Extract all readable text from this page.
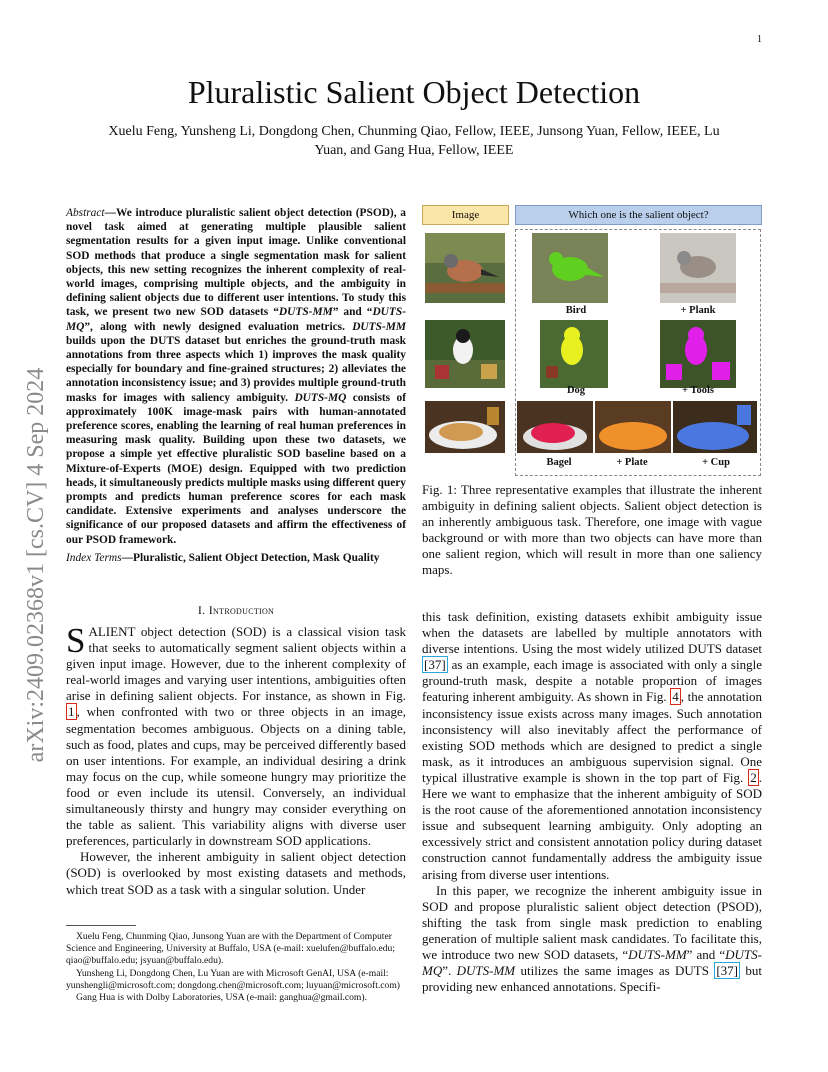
1
arXiv:2409.02368v1 [cs.CV] 4 Sep 2024
Pluralistic Salient Object Detection
Xuelu Feng, Yunsheng Li, Dongdong Chen, Chunming Qiao, Fellow, IEEE, Junsong Yuan, Fellow, IEEE, Lu
Yuan, and Gang Hua, Fellow, IEEE
Abstract—We introduce pluralistic salient object detection (PSOD), a novel task aimed at generating multiple plausible salient segmentation results for a given input image. Unlike conventional SOD methods that produce a single segmentation mask for salient objects, this new setting recognizes the inherent complexity of real-world images, comprising multiple objects, and the ambiguity in defining salient objects due to different user intentions. To study this task, we present two new SOD datasets “DUTS-MM” and “DUTS-MQ”, along with newly designed evaluation metrics. DUTS-MM builds upon the DUTS dataset but enriches the ground-truth mask annotations from three aspects which 1) improves the mask quality especially for boundary and fine-grained structures; 2) alleviates the annotation inconsistency issue; and 3) provides multiple ground-truth masks for images with saliency ambiguity. DUTS-MQ consists of approximately 100K image-mask pairs with human-annotated preference scores, enabling the learning of real human preferences in measuring mask quality. Building upon these two datasets, we propose a simple yet effective pluralistic SOD baseline based on a Mixture-of-Experts (MOE) design. Equipped with two prediction heads, it simultaneously predicts multiple masks using different query prompts and predicts human preference scores for each mask candidate. Extensive experiments and analyses underscore the significance of our proposed datasets and affirm the effectiveness of our PSOD framework.
Index Terms—Pluralistic, Salient Object Detection, Mask Quality
I. Introduction

SALIENT object detection (SOD) is a classical vision task that seeks to automatically segment salient objects within a given input image. However, due to the inherent complexity of real-world images and varying user intentions, ambiguities often arise in defining salient objects. For instance, as shown in Fig. 1 , when confronted with two or three objects in an image, segmentation becomes ambiguous. Objects on a dining table, such as food, plates and cups, may be perceived differently based on user intentions. For example, an individual desiring a drink may focus on the cup, while someone hungry may prioritize the food or even include its utensil. Conversely, an individual simultaneously thirsty and hungry may consider everything on the table as salient. This variability aligns with diverse user preferences, particularly in downstream SOD applications.

However, the inherent ambiguity in salient object detection (SOD) is overlooked by most existing datasets and methods, which treat SOD as a task with a singular solution. Under

Xuelu Feng, Chunming Qiao, Junsong Yuan are with the Department of Computer Science and Engineering, University at Buffalo, USA (e-mail: xuelufen@buffalo.edu; qiao@buffalo.edu; jsyuan@buffalo.edu).

Yunsheng Li, Dongdong Chen, Lu Yuan are with Microsoft GenAI, USA (e-mail: yunshengli@microsoft.com; dongdong.chen@microsoft.com; luyuan@microsoft.com)

Gang Hua is with Dolby Laboratories, USA (e-mail: ganghua@gmail.com).

Image	Which one is the salient object?
Bird	+ Plank
Dog	+ Tools
Bagel	+ Plate	+ Cup
Fig. 1: Three representative examples that illustrate the inherent ambiguity in defining salient objects. Salient object detection is an inherently ambiguous task. Therefore, one image with vague background or with more than two objects can have more than one salient region, which will result in more than one saliency maps.

this task definition, existing datasets exhibit ambiguity issue when the datasets are labelled by multiple annotators with diverse intentions. Using the most widely utilized DUTS dataset [37] as an example, each image is associated with only a single ground-truth mask, despite a notable proportion of images featuring inherent ambiguity. As shown in Fig. 4 , the annotation inconsistency issue exists across many images. Such annotation inconsistency will also inevitably affect the performance of existing SOD methods which are designed to predict a single mask, as it introduces an ambiguous supervision signal. One typical illustrative example is shown in the top part of Fig. 2 . Here we want to emphasize that the inherent ambiguity of SOD is the root cause of the aforementioned annotation inconsistency issue and subsequent learning ambiguity. Only adopting an excessively strict and consistent annotation policy during dataset construction cannot fundamentally address the ambiguity issue arising from diverse user intentions.

In this paper, we recognize the inherent ambiguity issue in SOD and propose pluralistic salient object detection (PSOD), shifting the task from single mask prediction to enabling generation of multiple salient mask candidates. To facilitate this, we introduce two new SOD datasets, “DUTS-MM” and “DUTS-MQ”. DUTS-MM utilizes the same images as DUTS [37] but providing new enhanced annotations. Specifi-
